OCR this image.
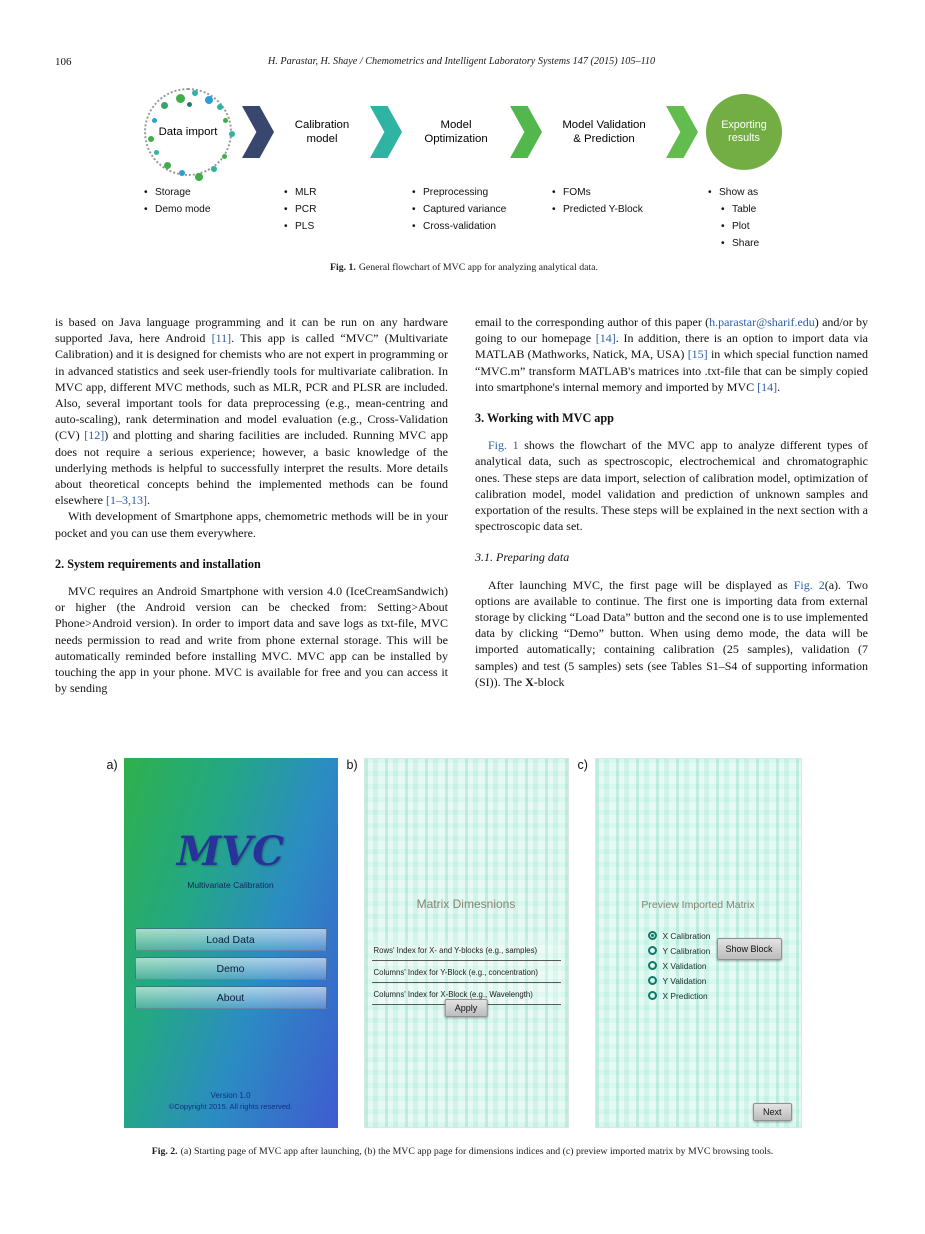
106	H. Parastar, H. Shaye / Chemometrics and Intelligent Laboratory Systems 147 (2015) 105–110
Data import
• Storage
• Demo mode
Calibration model
• MLR
• PCR
• PLS
Model Optimization
• Preprocessing
• Captured variance
• Cross-validation
Model Validation & Prediction
• FOMs
• Predicted Y-Block
Exporting results
• Show as
• Table
• Plot
• Share
Fig. 1. General flowchart of MVC app for analyzing analytical data.

is based on Java language programming and it can be run on any hardware supported Java, here Android [11]. This app is called “MVC” (Multivariate Calibration) and it is designed for chemists who are not expert in programming or in advanced statistics and seek user-friendly tools for multivariate calibration. In MVC app, different MVC methods, such as MLR, PCR and PLSR are included. Also, several important tools for data preprocessing (e.g., mean-centring and auto-scaling), rank determination and model evaluation (e.g., Cross-Validation (CV) [12]) and plotting and sharing facilities are included. Running MVC app does not require a serious experience; however, a basic knowledge of the underlying methods is helpful to successfully interpret the results. More details about theoretical concepts behind the implemented methods can be found elsewhere [1–3,13].

With development of Smartphone apps, chemometric methods will be in your pocket and you can use them everywhere.

2. System requirements and installation

MVC requires an Android Smartphone with version 4.0 (IceCreamSandwich) or higher (the Android version can be checked from: Setting>About Phone>Android version). In order to import data and save logs as txt-file, MVC needs permission to read and write from phone external storage. This will be automatically reminded before installing MVC. MVC app can be installed by touching the app in your phone. MVC is available for free and you can access it by sending

email to the corresponding author of this paper (h.parastar@sharif.edu) and/or by going to our homepage [14]. In addition, there is an option to import data via MATLAB (Mathworks, Natick, MA, USA) [15] in which special function named “MVC.m” transform MATLAB's matrices into .txt-file that can be simply copied into smartphone's internal memory and imported by MVC [14].

3. Working with MVC app

Fig. 1 shows the flowchart of the MVC app to analyze different types of analytical data, such as spectroscopic, electrochemical and chromatographic ones. These steps are data import, selection of calibration model, optimization of calibration model, model validation and prediction of unknown samples and exportation of the results. These steps will be explained in the next section with a spectroscopic data set.

3.1. Preparing data

After launching MVC, the first page will be displayed as Fig. 2(a). Two options are available to continue. The first one is importing data from external storage by clicking “Load Data” button and the second one is to use implemented data by clicking “Demo” button. When using demo mode, the data will be imported automatically; containing calibration (25 samples), validation (7 samples) and test (5 samples) sets (see Tables S1–S4 of supporting information (SI)). The X-block

a)
MVC
Multivariate Calibration
Load Data
Demo
About
Version 1.0
©Copyright 2015. All rights reserved.
b)
Matrix Dimesnions
Rows' Index for X- and Y-blocks (e.g., samples)
Columns' Index for Y-Block (e.g., concentration)
Columns' Index for X-Block (e.g., Wavelength)
Apply
c)
Preview Imported Matrix
X Calibration
Y Calibration
X Validation
Y Validation
X Prediction
Show Block
Next
Fig. 2. (a) Starting page of MVC app after launching, (b) the MVC app page for dimensions indices and (c) preview imported matrix by MVC browsing tools.
